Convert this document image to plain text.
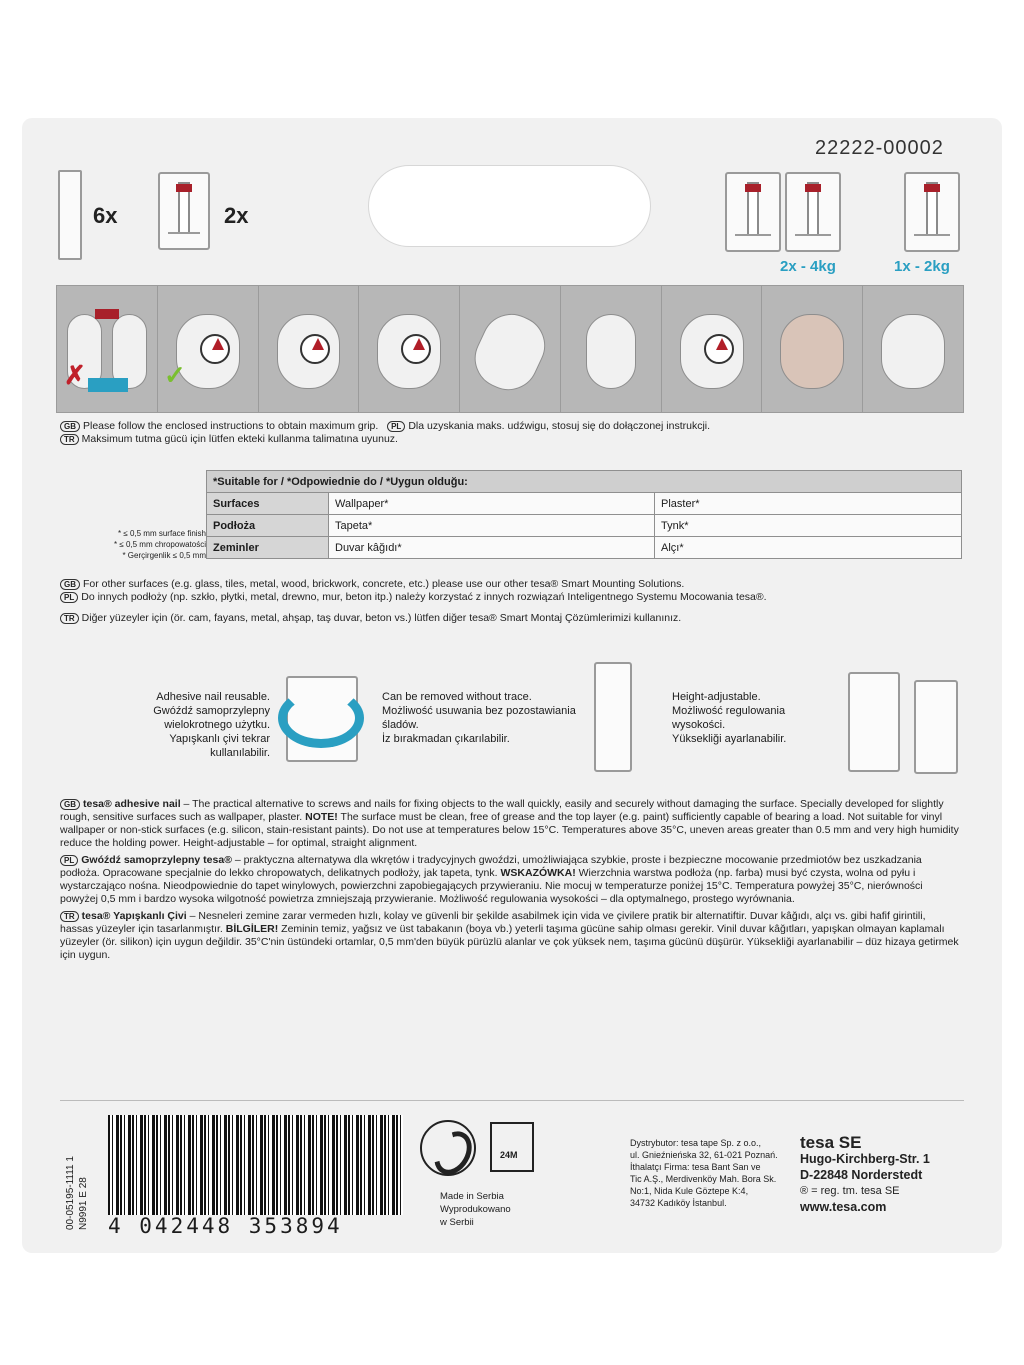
22222-00002
6x	2x
2x - 4kg	1x - 2kg
✗	✓
GB Please follow the enclosed instructions to obtain maximum grip. PL Dla uzyskania maks. udźwigu, stosuj się do dołączonej instrukcji.
TR Maksimum tutma gücü için lütfen ekteki kullanma talimatına uyunuz.
*Suitable for / *Odpowiednie do / *Uygun olduğu:		
Surfaces	Wallpaper*	Plaster*
Podłoża	Tapeta*	Tynk*
Zeminler	Duvar kâğıdı*	Alçı*
* ≤ 0,5 mm surface finish
* ≤ 0,5 mm chropowatości
* Gerçirgenlik ≤ 0,5 mm
GB For other surfaces (e.g. glass, tiles, metal, wood, brickwork, concrete, etc.) please use our other tesa® Smart Mounting Solutions.
PL Do innych podłoży (np. szkło, płytki, metal, drewno, mur, beton itp.) należy korzystać z innych rozwiązań Inteligentnego Systemu Mocowania tesa®.
TR Diğer yüzeyler için (ör. cam, fayans, metal, ahşap, taş duvar, beton vs.) lütfen diğer tesa® Smart Montaj Çözümlerimizi kullanınız.
Adhesive nail reusable.
Gwóźdź samoprzylepny wielokrotnego użytku.
Yapışkanlı çivi tekrar kullanılabilir.
Can be removed without trace.
Możliwość usuwania bez pozostawiania śladów.
İz bırakmadan çıkarılabilir.
Height-adjustable.
Możliwość regulowania wysokości.
Yüksekliği ayarlanabilir.

GB tesa® adhesive nail – The practical alternative to screws and nails for fixing objects to the wall quickly, easily and securely without damaging the surface. Specially developed for slightly rough, sensitive surfaces such as wallpaper, plaster. NOTE! The surface must be clean, free of grease and the top layer (e.g. paint) sufficiently capable of bearing a load. Not suitable for vinyl wallpaper or non-stick surfaces (e.g. silicon, stain-resistant paints). Do not use at temperatures below 15°C. Temperatures above 35°C, uneven areas greater than 0.5 mm and very high humidity reduce the holding power. Height-adjustable – for optimal, straight alignment.

PL Gwóźdź samoprzylepny tesa® – praktyczna alternatywa dla wkrętów i tradycyjnych gwoździ, umożliwiająca szybkie, proste i bezpieczne mocowanie przedmiotów bez uszkadzania podłoża. Opracowane specjalnie do lekko chropowatych, delikatnych podłoży, jak tapeta, tynk. WSKAZÓWKA! Wierzchnia warstwa podłoża (np. farba) musi być czysta, wolna od pyłu i wystarczająco nośna. Nieodpowiednie do tapet winylowych, powierzchni zapobiegających przywieraniu. Nie mocuj w temperaturze poniżej 15°C. Temperatura powyżej 35°C, nierówności powyżej 0,5 mm i bardzo wysoka wilgotność powietrza zmniejszają przywieranie. Możliwość regulowania wysokości – dla optymalnego, prostego wyrównania.

TR tesa® Yapışkanlı Çivi – Nesneleri zemine zarar vermeden hızlı, kolay ve güvenli bir şekilde asabilmek için vida ve çivilere pratik bir alternatiftir. Duvar kâğıdı, alçı vs. gibi hafif girintili, hassas yüzeyler için tasarlanmıştır. BİLGİLER! Zeminin temiz, yağsız ve üst tabakanın (boya vb.) yeterli taşıma gücüne sahip olması gerekir. Vinil duvar kâğıtları, yapışkan olmayan kaplamalı yüzeyler (ör. silikon) için uygun değildir. 35°C'nin üstündeki ortamlar, 0,5 mm'den büyük pürüzlü alanlar ve çok yüksek nem, taşıma gücünü düşürür. Yüksekliği ayarlanabilir – düz hizaya getirmek için uygun.

tesa SE
Hugo-Kirchberg-Str. 1
D-22848 Norderstedt
® = reg. tm. tesa SE
www.tesa.com
Dystrybutor: tesa tape Sp. z o.o.,
ul. Gnieźnieńska 32, 61-021 Poznań.
İthalatçı Firma: tesa Bant San ve
Tic A.Ş., Merdivenköy Mah. Bora Sk.
No:1, Nida Kule Göztepe K:4,
34732 Kadıköy İstanbul.
24M
Made in Serbia
Wyprodukowano
w Serbii
4 042448 353894
00-05195-1111 1 N9991 E 28
